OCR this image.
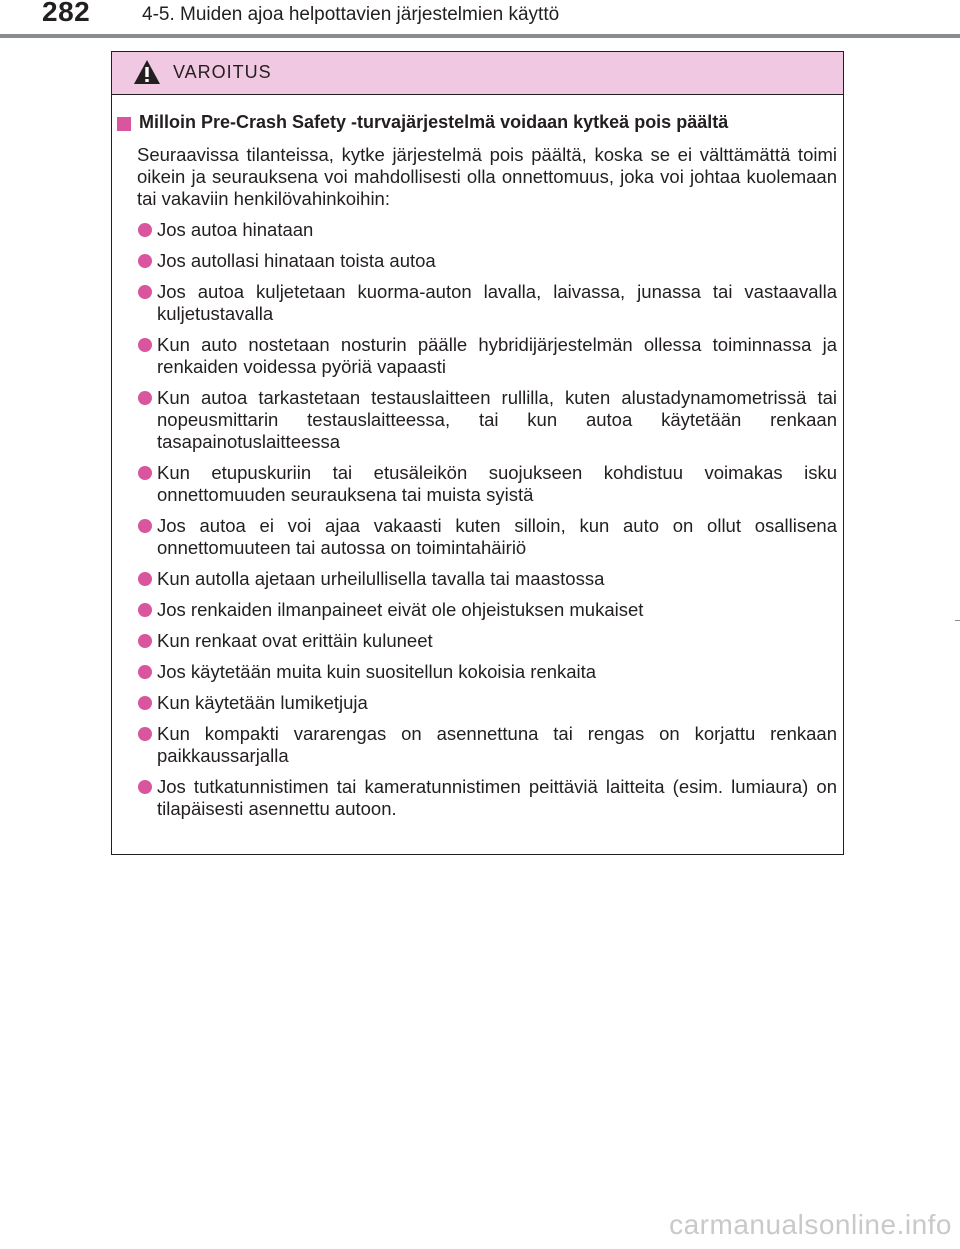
282	4-5. Muiden ajoa helpottavien järjestelmien käyttö
VAROITUS
Milloin Pre-Crash Safety -turvajärjestelmä voidaan kytkeä pois päältä

Seuraavissa tilanteissa, kytke järjestelmä pois päältä, koska se ei välttämättä toimi oikein ja seurauksena voi mahdollisesti olla onnettomuus, joka voi johtaa kuolemaan tai vakaviin henkilövahinkoihin:

Jos autoa hinataan
Jos autollasi hinataan toista autoa
Jos autoa kuljetetaan kuorma-auton lavalla, laivassa, junassa tai vastaavalla kuljetustavalla
Kun auto nostetaan nosturin päälle hybridijärjestelmän ollessa toiminnassa ja renkaiden voidessa pyöriä vapaasti
Kun autoa tarkastetaan testauslaitteen rullilla, kuten alustadynamometrissä tai nopeusmittarin testauslaitteessa, tai kun autoa käytetään renkaan tasapainotuslaitteessa
Kun etupuskuriin tai etusäleikön suojukseen kohdistuu voimakas isku onnettomuuden seurauksena tai muista syistä
Jos autoa ei voi ajaa vakaasti kuten silloin, kun auto on ollut osallisena onnettomuuteen tai autossa on toimintahäiriö
Kun autolla ajetaan urheilullisella tavalla tai maastossa
Jos renkaiden ilmanpaineet eivät ole ohjeistuksen mukaiset
Kun renkaat ovat erittäin kuluneet
Jos käytetään muita kuin suositellun kokoisia renkaita
Kun käytetään lumiketjuja
Kun kompakti vararengas on asennettuna tai rengas on korjattu renkaan paikkaussarjalla
Jos tutkatunnistimen tai kameratunnistimen peittäviä laitteita (esim. lumiaura) on tilapäisesti asennettu autoon.
carmanualsonline.info
